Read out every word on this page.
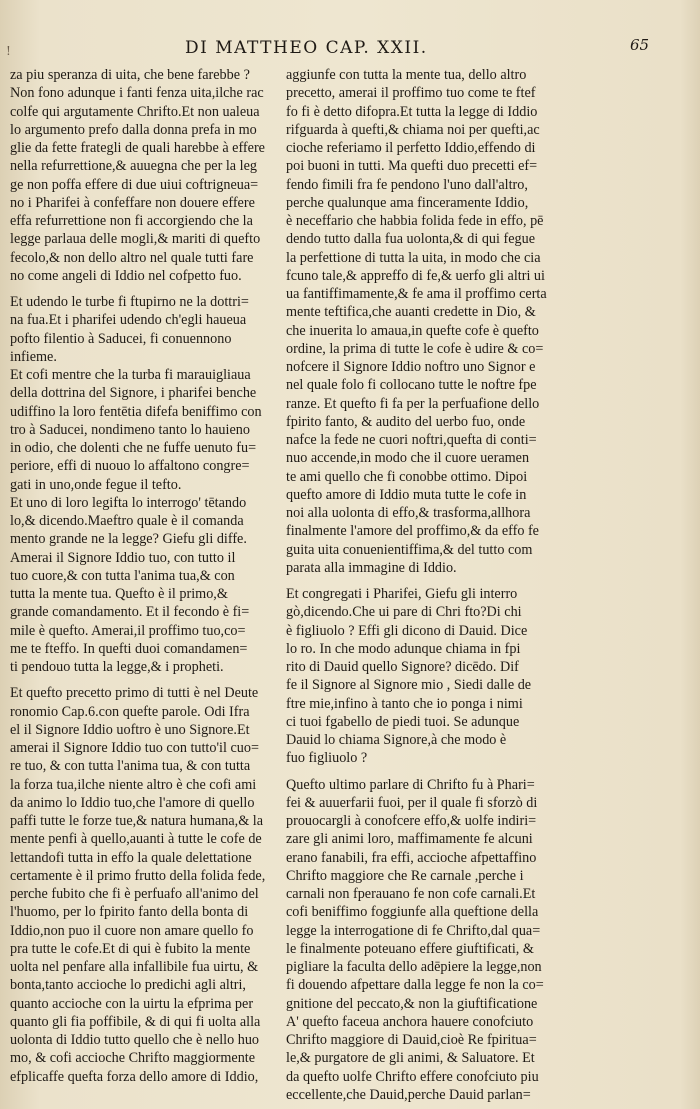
!	DI MATTHEO CAP. XXII.	65
za piu speranza di uita, che bene farebbe ?
Non fono adunque i fanti fenza uita,ilche rac
colfe qui argutamente Chrifto.Et non ualeua
lo argumento prefo dalla donna prefa in mo
glie da fette frategli de quali harebbe à effere
nella refurrettione,& auuegna che per la leg
ge non poffa effere di due uiui coftrigneua=
no i Pharifei à confeffare non douere effere
effa refurrettione non fi accorgiendo che la
legge parlaua delle mogli,& mariti di quefto
fecolo,& non dello altro nel quale tutti fare
no come angeli di Iddio nel cofpetto fuo.
Et udendo le turbe fi ftupirno ne la dottri=
na fua.Et i pharifei udendo ch'egli haueua
pofto filentio à Saducei, fi conuennono
infieme.
Et cofi mentre che la turba fi marauigliaua
della dottrina del Signore, i pharifei benche
udiffino la loro fentētia difefa beniffimo con
tro à Saducei, nondimeno tanto lo hauieno
in odio, che dolenti che ne fuffe uenuto fu=
periore, effi di nuouo lo affaltono congre=
gati in uno,onde fegue il tefto.
Et uno di loro legifta lo interrogo' tētando
lo,& dicendo.Maeftro quale è il comanda
mento grande ne la legge? Giefu gli diffe.
Amerai il Signore Iddio tuo, con tutto il
tuo cuore,& con tutta l'anima tua,& con
tutta la mente tua. Quefto è il primo,&
grande comandamento. Et il fecondo è fi=
mile è quefto. Amerai,il proffimo tuo,co=
me te fteffo. In quefti duoi comandamen=
ti pendouo tutta la legge,& i propheti.
Et quefto precetto primo di tutti è nel Deute
ronomio Cap.6.con quefte parole. Odi Ifra
el il Signore Iddio uoftro è uno Signore.Et
amerai il Signore Iddio tuo con tutto'il cuo=
re tuo, & con tutta l'anima tua, & con tutta
la forza tua,ilche niente altro è che cofi ami
da animo lo Iddio tuo,che l'amore di quello
paffi tutte le forze tue,& natura humana,& la
mente penfi à quello,auanti à tutte le cofe de
lettandofi tutta in effo la quale delettatione
certamente è il primo frutto della folida fede,
perche fubito che fi è perfuafo all'animo del
l'huomo, per lo fpirito fanto della bonta di
Iddio,non puo il cuore non amare quello fo
pra tutte le cofe.Et di qui è fubito la mente
uolta nel penfare alla infallibile fua uirtu, &
bonta,tanto accioche lo predichi agli altri,
quanto accioche con la uirtu la efprima per
quanto gli fia poffibile, & di qui fi uolta alla
uolonta di Iddio tutto quello che è nello huo
mo, & cofi accioche Chrifto maggiormente
efplicaffe quefta forza dello amore di Iddio,
aggiunfe con tutta la mente tua, dello altro
precetto, amerai il proffimo tuo come te ftef
fo fi è detto difopra.Et tutta la legge di Iddio
rifguarda à quefti,& chiama noi per quefti,ac
cioche referiamo il perfetto Iddio,effendo di
poi buoni in tutti. Ma quefti duo precetti ef=
fendo fimili fra fe pendono l'uno dall'altro,
perche qualunque ama finceramente Iddio,
è neceffario che habbia folida fede in effo, pē
dendo tutto dalla fua uolonta,& di qui fegue
la perfettione di tutta la uita, in modo che cia
fcuno tale,& appreffo di fe,& uerfo gli altri ui
ua fantiffimamente,& fe ama il proffimo certa
mente teftifica,che auanti credette in Dio, &
che inuerita lo amaua,in quefte cofe è quefto
ordine, la prima di tutte le cofe è udire & co=
nofcere il Signore Iddio noftro uno Signor e
nel quale folo fi collocano tutte le noftre fpe
ranze. Et quefto fi fa per la perfuafione dello
fpirito fanto, & audito del uerbo fuo, onde
nafce la fede ne cuori noftri,quefta di conti=
nuo accende,in modo che il cuore ueramen
te ami quello che fi conobbe ottimo. Dipoi
quefto amore di Iddio muta tutte le cofe in
noi alla uolonta di effo,& trasforma,allhora
finalmente l'amore del proffimo,& da effo fe
guita uita conuenientiffima,& del tutto com
parata alla immagine di Iddio.
Et congregati i Pharifei, Giefu gli interro
gò,dicendo.Che ui pare di Chri fto?Di chi
è figliuolo ? Effi gli dicono di Dauid. Dice
lo ro. In che modo adunque chiama in fpi
rito di Dauid quello Signore? dicēdo. Dif
fe il Signore al Signore mio , Siedi dalle de
ftre mie,infino à tanto che io ponga i nimi
ci tuoi fgabello de piedi tuoi. Se adunque
Dauid lo chiama Signore,à che modo è
fuo figliuolo ?
Quefto ultimo parlare di Chrifto fu à Phari=
fei & auuerfarii fuoi, per il quale fi sforzò di
prouocargli à conofcere effo,& uolfe indiri=
zare gli animi loro, maffimamente fe alcuni
erano fanabili, fra effi, accioche afpettaffino
Chrifto maggiore che Re carnale ,perche i
carnali non fperauano fe non cofe carnali.Et
cofi beniffimo foggiunfe alla queftione della
legge la interrogatione di fe Chrifto,dal qua=
le finalmente poteuano effere giuftificati, &
pigliare la faculta dello adēpiere la legge,non
fi douendo afpettare dalla legge fe non la co=
gnitione del peccato,& non la giuftificatione
A' quefto faceua anchora hauere conofciuto
Chrifto maggiore di Dauid,cioè Re fpiritua=
le,& purgatore de gli animi, & Saluatore. Et
da quefto uolfe Chrifto effere conofciuto piu
eccellente,che Dauid,perche Dauid parlan=
